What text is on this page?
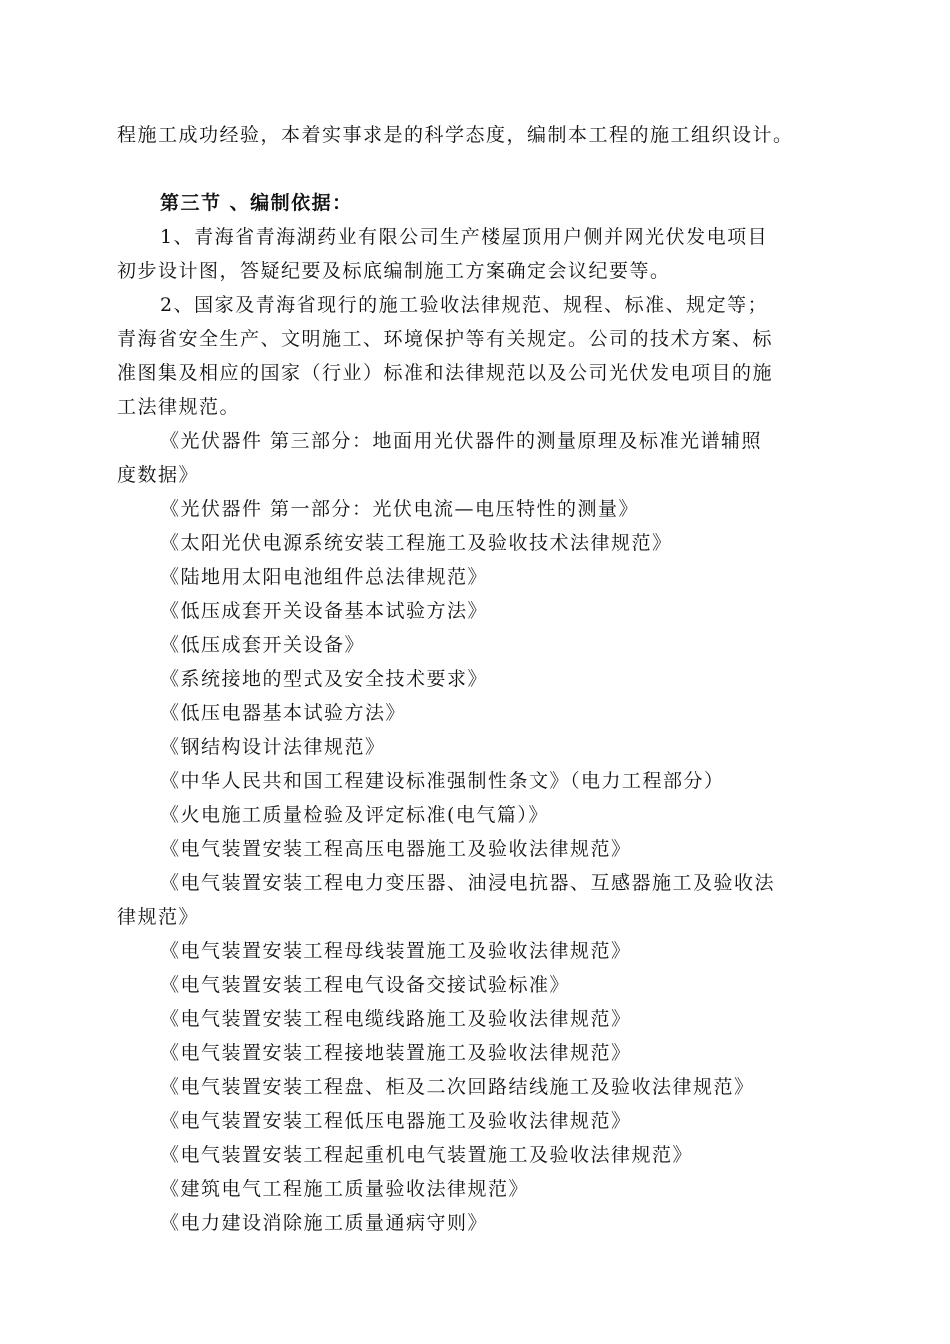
程施工成功经验，本着实事求是的科学态度，编制本工程的施工组织设计。
第三节 、编制依据：
1、青海省青海湖药业有限公司生产楼屋顶用户侧并网光伏发电项目
初步设计图，答疑纪要及标底编制施工方案确定会议纪要等。
2、国家及青海省现行的施工验收法律规范、规程、标准、规定等；
青海省安全生产、文明施工、环境保护等有关规定。公司的技术方案、标
准图集及相应的国家（行业）标准和法律规范以及公司光伏发电项目的施
工法律规范。
《光伏器件 第三部分：地面用光伏器件的测量原理及标准光谱辅照
度数据》
《光伏器件 第一部分：光伏电流—电压特性的测量》
《太阳光伏电源系统安装工程施工及验收技术法律规范》
《陆地用太阳电池组件总法律规范》
《低压成套开关设备基本试验方法》
《低压成套开关设备》
《系统接地的型式及安全技术要求》
《低压电器基本试验方法》
《钢结构设计法律规范》
《中华人民共和国工程建设标准强制性条文》（电力工程部分）
《火电施工质量检验及评定标准(电气篇）》
《电气装置安装工程高压电器施工及验收法律规范》
《电气装置安装工程电力变压器、油浸电抗器、互感器施工及验收法
律规范》
《电气装置安装工程母线装置施工及验收法律规范》
《电气装置安装工程电气设备交接试验标准》
《电气装置安装工程电缆线路施工及验收法律规范》
《电气装置安装工程接地装置施工及验收法律规范》
《电气装置安装工程盘、柜及二次回路结线施工及验收法律规范》
《电气装置安装工程低压电器施工及验收法律规范》
《电气装置安装工程起重机电气装置施工及验收法律规范》
《建筑电气工程施工质量验收法律规范》
《电力建设消除施工质量通病守则》
